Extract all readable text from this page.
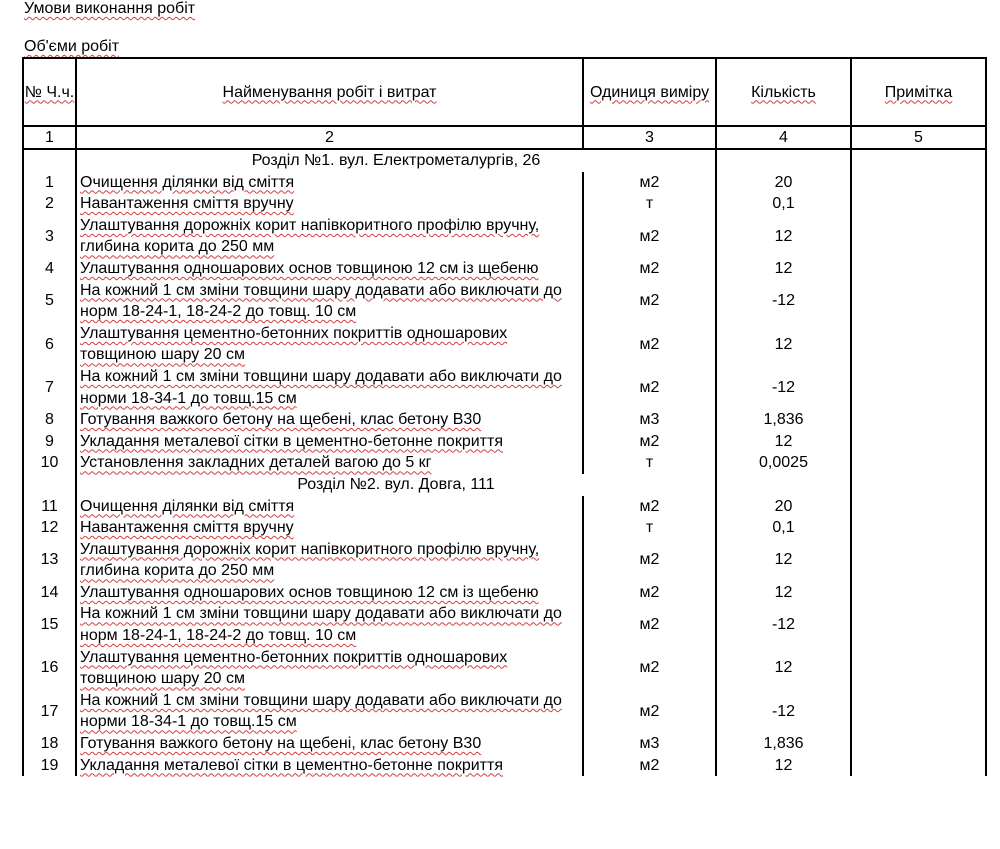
Умови виконання робіт
Об'єми робіт
№ Ч.ч.	Найменування робіт і витрат	Одиниця виміру	Кількість	Примітка
1	2	3	4	5
	Розділ №1. вул. Електрометалургів, 26			
1	Очищення ділянки від сміття	м2	20	
2	Навантаження сміття вручну	т	0,1	
3	Улаштування дорожніх корит напівкоритного профілю вручну, глибина корита до 250 мм	м2	12	
4	Улаштування одношарових основ товщиною 12 см із щебеню	м2	12	
5	На кожний 1 см зміни товщини шару додавати або виключати до норм 18-24-1, 18-24-2 до товщ. 10 см	м2	-12	
6	Улаштування цементно-бетонних покриттів одношарових товщиною шару 20 см	м2	12	
7	На кожний 1 см зміни товщини шару додавати або виключати до норми 18-34-1 до товщ.15 см	м2	-12	
8	Готування важкого бетону на щебені, клас бетону В30	м3	1,836	
9	Укладання металевої сітки в цементно-бетонне покриття	м2	12	
10	Установлення закладних деталей вагою до 5 кг	т	0,0025	
	Розділ №2. вул. Довга, 111			
11	Очищення ділянки від сміття	м2	20	
12	Навантаження сміття вручну	т	0,1	
13	Улаштування дорожніх корит напівкоритного профілю вручну, глибина корита до 250 мм	м2	12	
14	Улаштування одношарових основ товщиною 12 см із щебеню	м2	12	
15	На кожний 1 см зміни товщини шару додавати або виключати до норм 18-24-1, 18-24-2 до товщ. 10 см	м2	-12	
16	Улаштування цементно-бетонних покриттів одношарових товщиною шару 20 см	м2	12	
17	На кожний 1 см зміни товщини шару додавати або виключати до норми 18-34-1 до товщ.15 см	м2	-12	
18	Готування важкого бетону на щебені, клас бетону В30	м3	1,836	
19	Укладання металевої сітки в цементно-бетонне покриття	м2	12	
